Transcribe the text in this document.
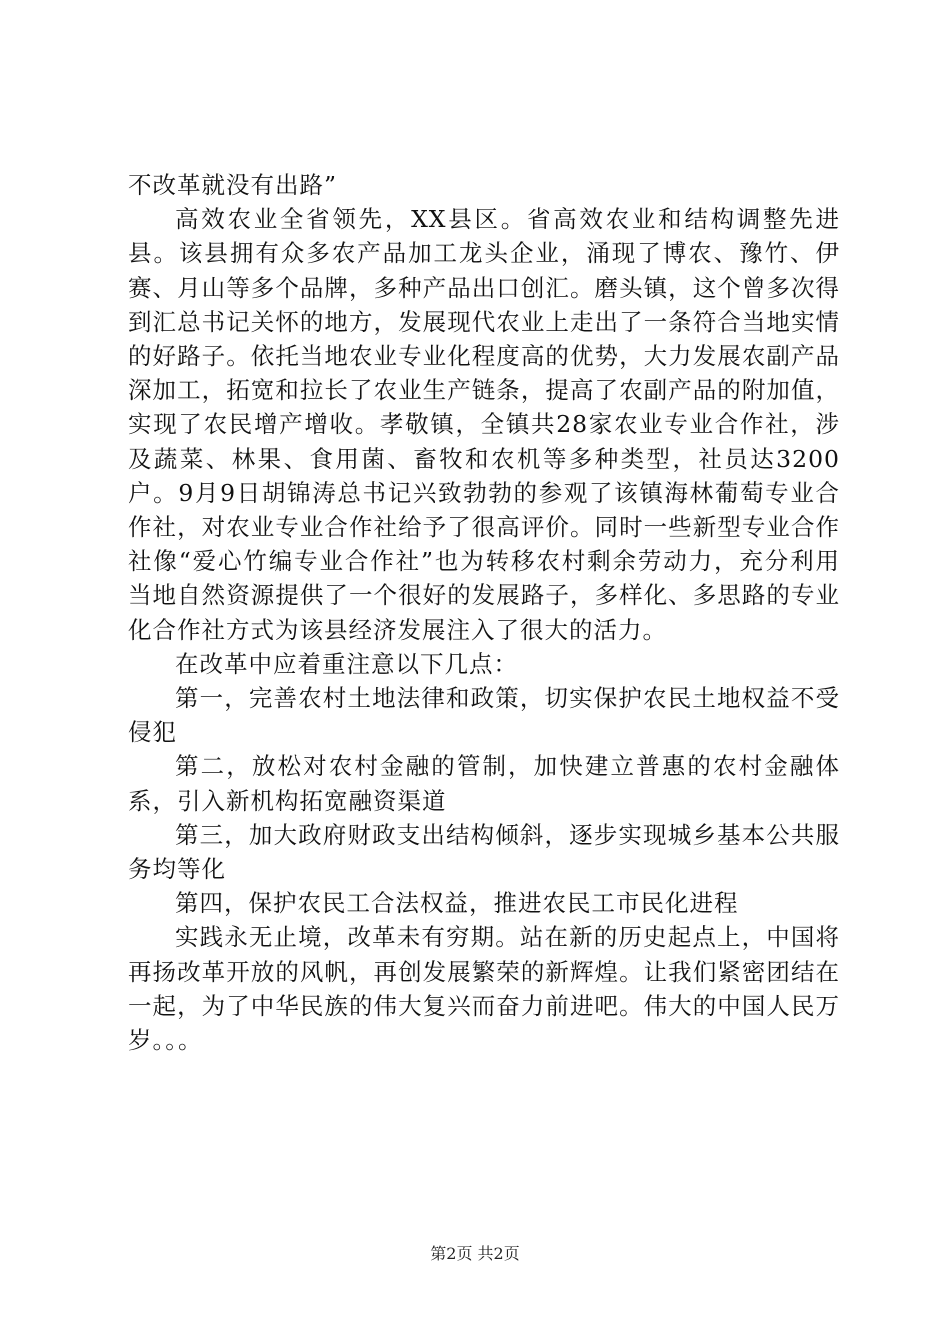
不改革就没有出路”

高效农业全省领先，XX县区。省高效农业和结构调整先进县。该县拥有众多农产品加工龙头企业，涌现了博农、豫竹、伊赛、月山等多个品牌，多种产品出口创汇。磨头镇，这个曾多次得到汇总书记关怀的地方，发展现代农业上走出了一条符合当地实情的好路子。依托当地农业专业化程度高的优势，大力发展农副产品深加工，拓宽和拉长了农业生产链条，提高了农副产品的附加值，实现了农民增产增收。孝敬镇，全镇共28家农业专业合作社，涉及蔬菜、林果、食用菌、畜牧和农机等多种类型，社员达3200户。9月9日胡锦涛总书记兴致勃勃的参观了该镇海林葡萄专业合作社，对农业专业合作社给予了很高评价。同时一些新型专业合作社像“爱心竹编专业合作社”也为转移农村剩余劳动力，充分利用当地自然资源提供了一个很好的发展路子，多样化、多思路的专业化合作社方式为该县经济发展注入了很大的活力。

在改革中应着重注意以下几点：

第一，完善农村土地法律和政策，切实保护农民土地权益不受侵犯

第二，放松对农村金融的管制，加快建立普惠的农村金融体系，引入新机构拓宽融资渠道

第三，加大政府财政支出结构倾斜，逐步实现城乡基本公共服务均等化

第四，保护农民工合法权益，推进农民工市民化进程

实践永无止境，改革未有穷期。站在新的历史起点上，中国将再扬改革开放的风帆，再创发展繁荣的新辉煌。让我们紧密团结在一起，为了中华民族的伟大复兴而奋力前进吧。伟大的中国人民万岁。。。

第2页 共2页
